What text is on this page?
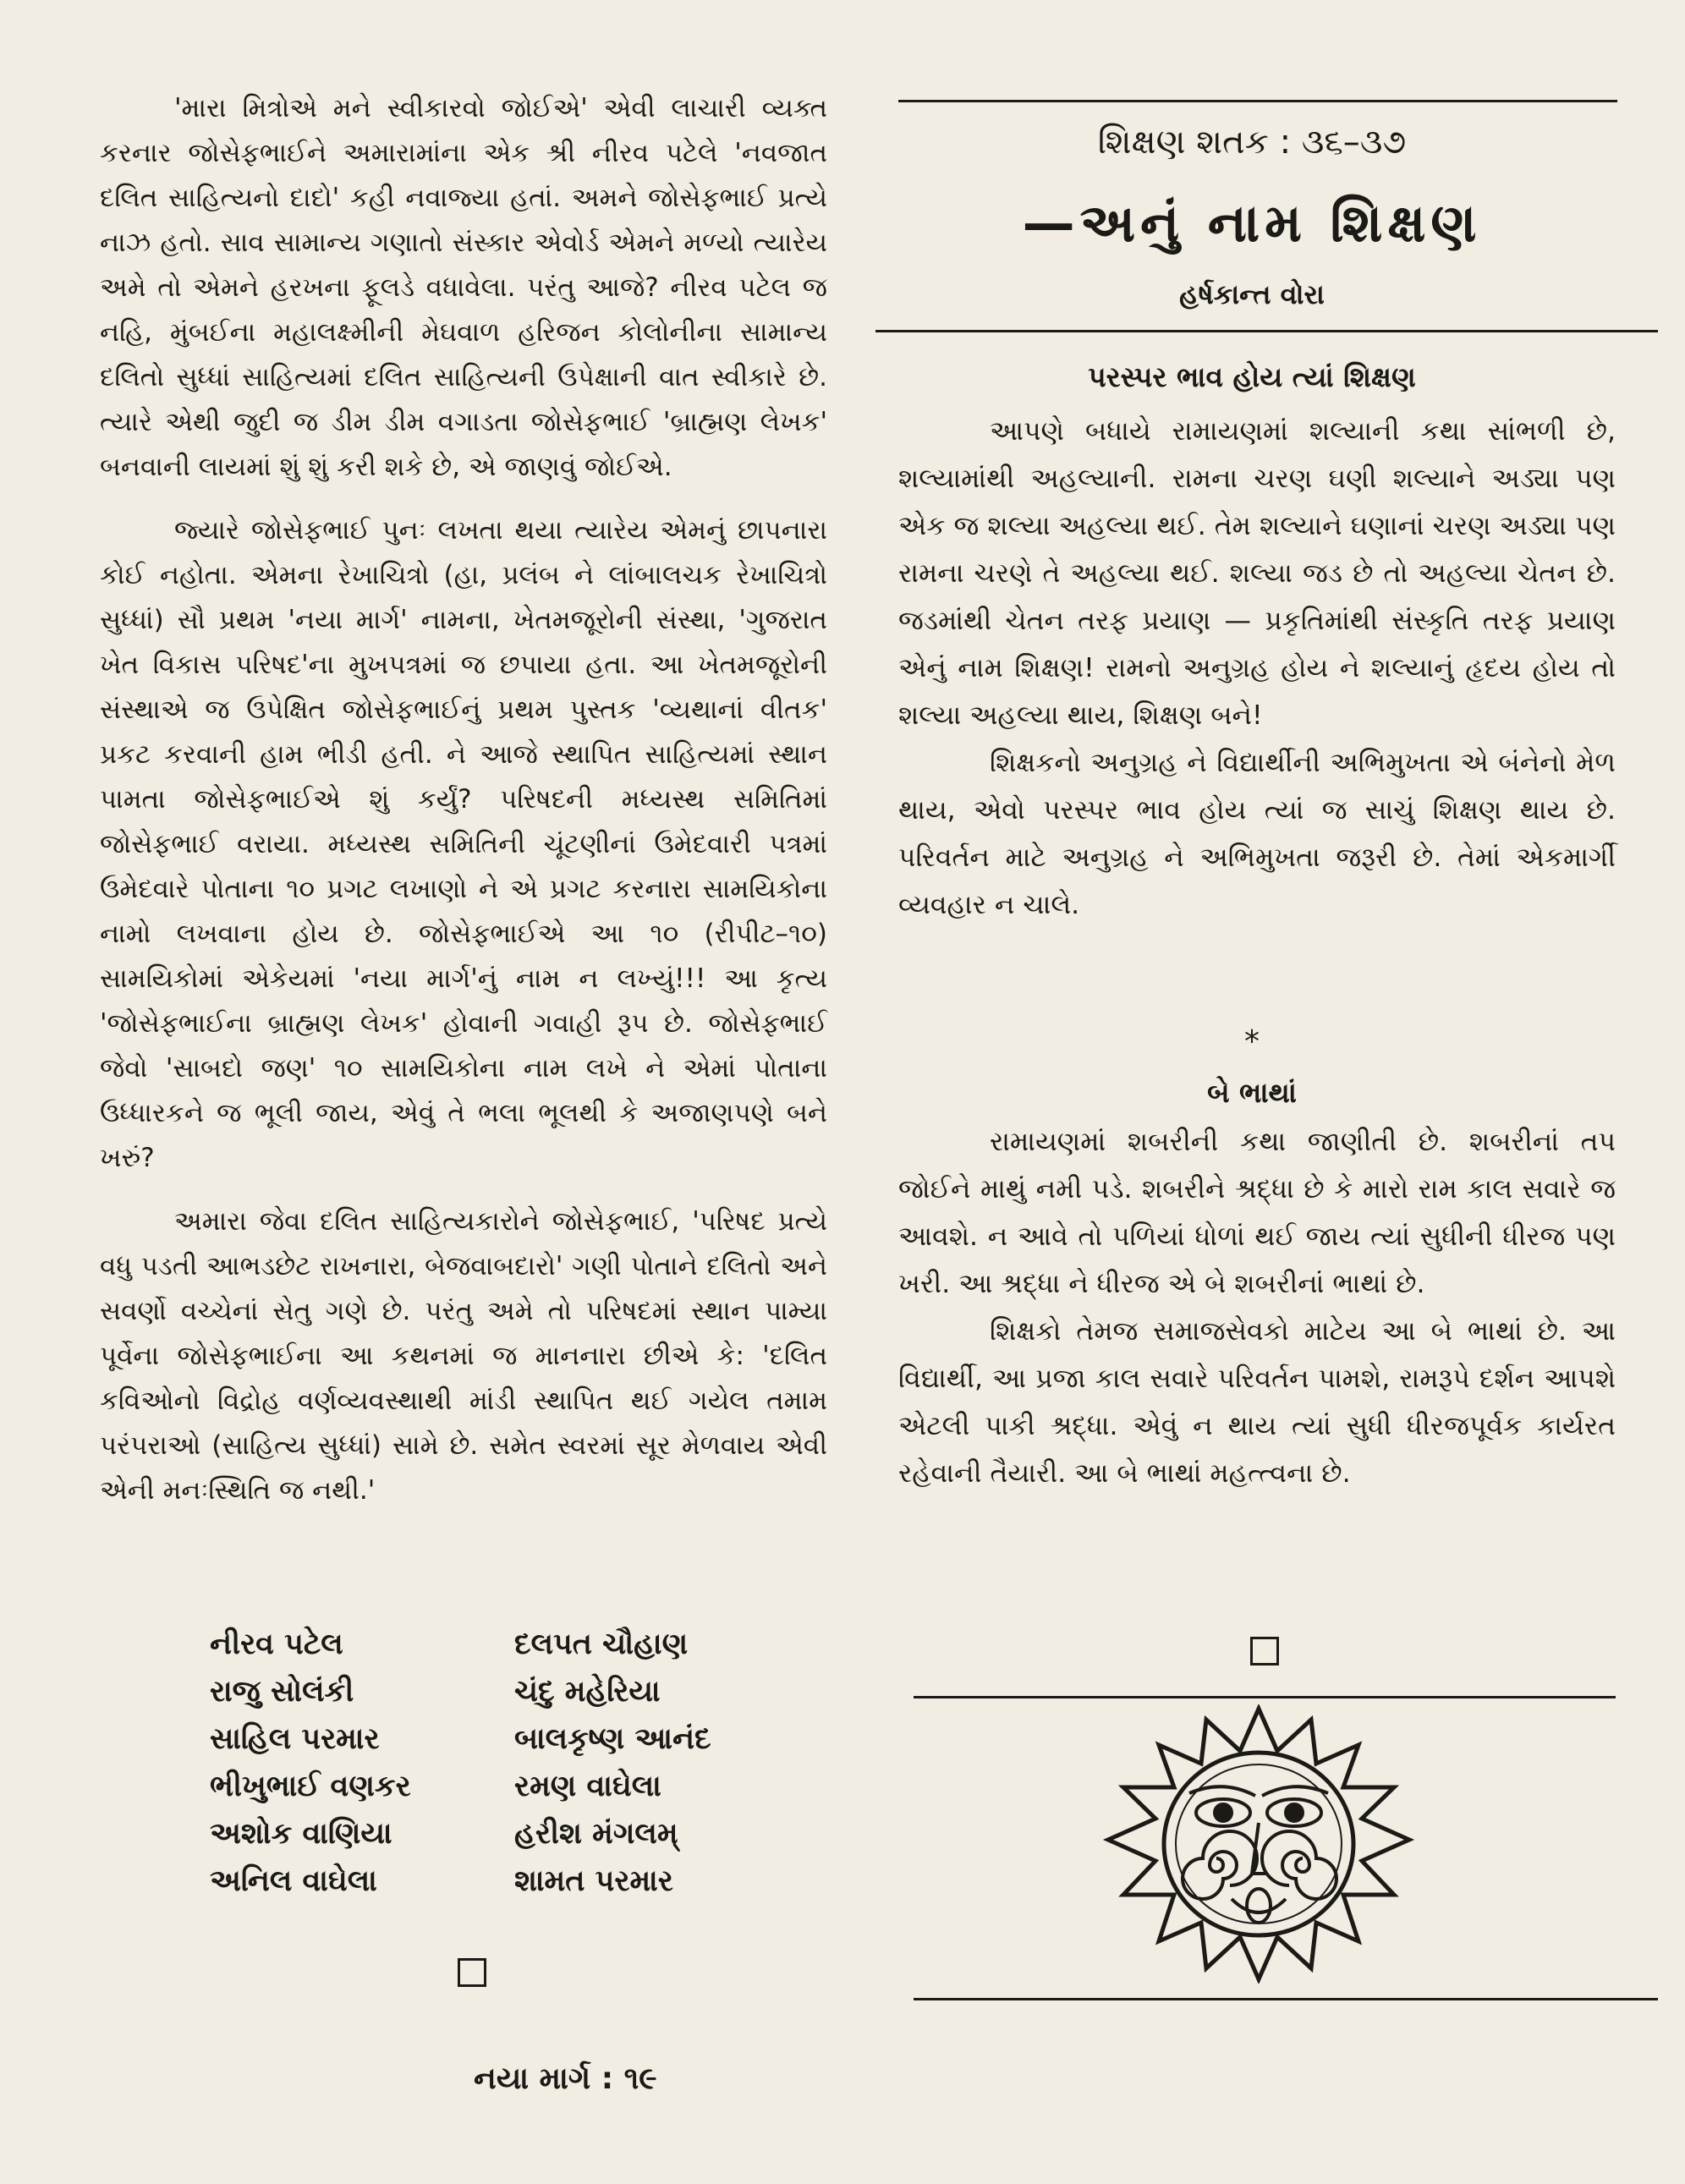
'મારા મિત્રોએ મને સ્વીકારવો જોઈએ' એવી લાચારી વ્યક્ત કરનાર જોસેફભાઈને અમારામાંના એક શ્રી નીરવ પટેલે 'નવજાત દલિત સાહિત્યનો દાદો' કહી નવાજ્યા હતાં. અમને જોસેફભાઈ પ્રત્યે નાઝ હતો. સાવ સામાન્ય ગણાતો સંસ્કાર એવોર્ડ એમને મળ્યો ત્યારેય અમે તો એમને હરખના ફૂલડે વધાવેલા. પરંતુ આજે? નીરવ પટેલ જ નહિ, મુંબઈના મહાલક્ષ્મીની મેઘવાળ હરિજન કોલોનીના સામાન્ય દલિતો સુધ્ધાં સાહિત્યમાં દલિત સાહિત્યની ઉપેક્ષાની વાત સ્વીકારે છે. ત્યારે એથી જુદી જ ડીમ ડીમ વગાડતા જોસેફભાઈ 'બ્રાહ્મણ લેખક' બનવાની લાયમાં શું શું કરી શકે છે, એ જાણવું જોઈએ.

જ્યારે જોસેફભાઈ પુનઃ લખતા થયા ત્યારેય એમનું છાપનારા કોઈ નહોતા. એમના રેખાચિત્રો (હા, પ્રલંબ ને લાંબાલચક રેખાચિત્રો સુધ્ધાં) સૌ પ્રથમ 'નયા માર્ગ' નામના, ખેતમજૂરોની સંસ્થા, 'ગુજરાત ખેત વિકાસ પરિષદ'ના મુખપત્રમાં જ છપાયા હતા. આ ખેતમજૂરોની સંસ્થાએ જ ઉપેક્ષિત જોસેફભાઈનું પ્રથમ પુસ્તક 'વ્યથાનાં વીતક' પ્રકટ કરવાની હામ ભીડી હતી. ને આજે સ્થાપિત સાહિત્યમાં સ્થાન પામતા જોસેફભાઈએ શું કર્યું? પરિષદની મધ્યસ્થ સમિતિમાં જોસેફભાઈ વરાયા. મધ્યસ્થ સમિતિની ચૂંટણીનાં ઉમેદવારી પત્રમાં ઉમેદવારે પોતાના ૧૦ પ્રગટ લખાણો ને એ પ્રગટ કરનારા સામયિકોના નામો લખવાના હોય છે. જોસેફભાઈએ આ ૧૦ (રીપીટ–૧૦) સામયિકોમાં એકેયમાં 'નયા માર્ગ'નું નામ ન લખ્યું!!! આ કૃત્ય 'જોસેફભાઈના બ્રાહ્મણ લેખક' હોવાની ગવાહી રૂપ છે. જોસેફભાઈ જેવો 'સાબદો જણ' ૧૦ સામયિકોના નામ લખે ને એમાં પોતાના ઉધ્ધારકને જ ભૂલી જાય, એવું તે ભલા ભૂલથી કે અજાણપણે બને ખરું?

અમારા જેવા દલિત સાહિત્યકારોને જોસેફભાઈ, 'પરિષદ પ્રત્યે વધુ પડતી આભડછેટ રાખનારા, બેજવાબદારો' ગણી પોતાને દલિતો અને સવર્ણો વચ્ચેનાં સેતુ ગણે છે. પરંતુ અમે તો પરિષદમાં સ્થાન પામ્યા પૂર્વેના જોસેફભાઈના આ કથનમાં જ માનનારા છીએ કે: 'દલિત કવિઓનો વિદ્રોહ વર્ણવ્યવસ્થાથી માંડી સ્થાપિત થઈ ગયેલ તમામ પરંપરાઓ (સાહિત્ય સુધ્ધાં) સામે છે. સમેત સ્વરમાં સૂર મેળવાય એવી એની મનઃસ્થિતિ જ નથી.'

નીરવ પટેલ	દલપત ચૌહાણ
રાજુ સોલંકી	ચંદુ મહેરિયા
સાહિલ પરમાર	બાલકૃષ્ણ આનંદ
ભીખુભાઈ વણકર	રમણ વાઘેલા
અશોક વાણિયા	હરીશ મંગલમ્
અનિલ વાઘેલા	શામત પરમાર
શિક્ષણ શતક : ૩૬–૩૭
—અનું નામ શિક્ષણ
હર્ષકાન્ત વોરા
પરસ્પર ભાવ હોય ત્યાં શિક્ષણ

આપણે બધાયે રામાયણમાં શલ્યાની કથા સાંભળી છે, શલ્યામાંથી અહલ્યાની. રામના ચરણ ઘણી શલ્યાને અડ્યા પણ એક જ શલ્યા અહલ્યા થઈ. તેમ શલ્યાને ઘણાનાં ચરણ અડ્યા પણ રામના ચરણે તે અહલ્યા થઈ. શલ્યા જડ છે તો અહલ્યા ચેતન છે. જડમાંથી ચેતન તરફ પ્રયાણ — પ્રકૃતિમાંથી સંસ્કૃતિ તરફ પ્રયાણ એનું નામ શિક્ષણ! રામનો અનુગ્રહ હોય ને શલ્યાનું હૃદય હોય તો શલ્યા અહલ્યા થાય, શિક્ષણ બને!

શિક્ષકનો અનુગ્રહ ને વિદ્યાર્થીની અભિમુખતા એ બંનેનો મેળ થાય, એવો પરસ્પર ભાવ હોય ત્યાં જ સાચું શિક્ષણ થાય છે. પરિવર્તન માટે અનુગ્રહ ને અભિમુખતા જરૂરી છે. તેમાં એકમાર્ગી વ્યવહાર ન ચાલે.

*
બે ભાથાં

રામાયણમાં શબરીની કથા જાણીતી છે. શબરીનાં તપ જોઈને માથું નમી પડે. શબરીને શ્રદ્ધા છે કે મારો રામ કાલ સવારે જ આવશે. ન આવે તો પળિયાં ધોળાં થઈ જાય ત્યાં સુધીની ધીરજ પણ ખરી. આ શ્રદ્ધા ને ધીરજ એ બે શબરીનાં ભાથાં છે.

શિક્ષકો તેમજ સમાજસેવકો માટેય આ બે ભાથાં છે. આ વિદ્યાર્થી, આ પ્રજા કાલ સવારે પરિવર્તન પામશે, રામરૂપે દર્શન આપશે એટલી પાકી શ્રદ્ધા. એવું ન થાય ત્યાં સુધી ધીરજપૂર્વક કાર્યરત રહેવાની તૈયારી. આ બે ભાથાં મહત્ત્વના છે.

નયા માર્ગ : ૧૯
